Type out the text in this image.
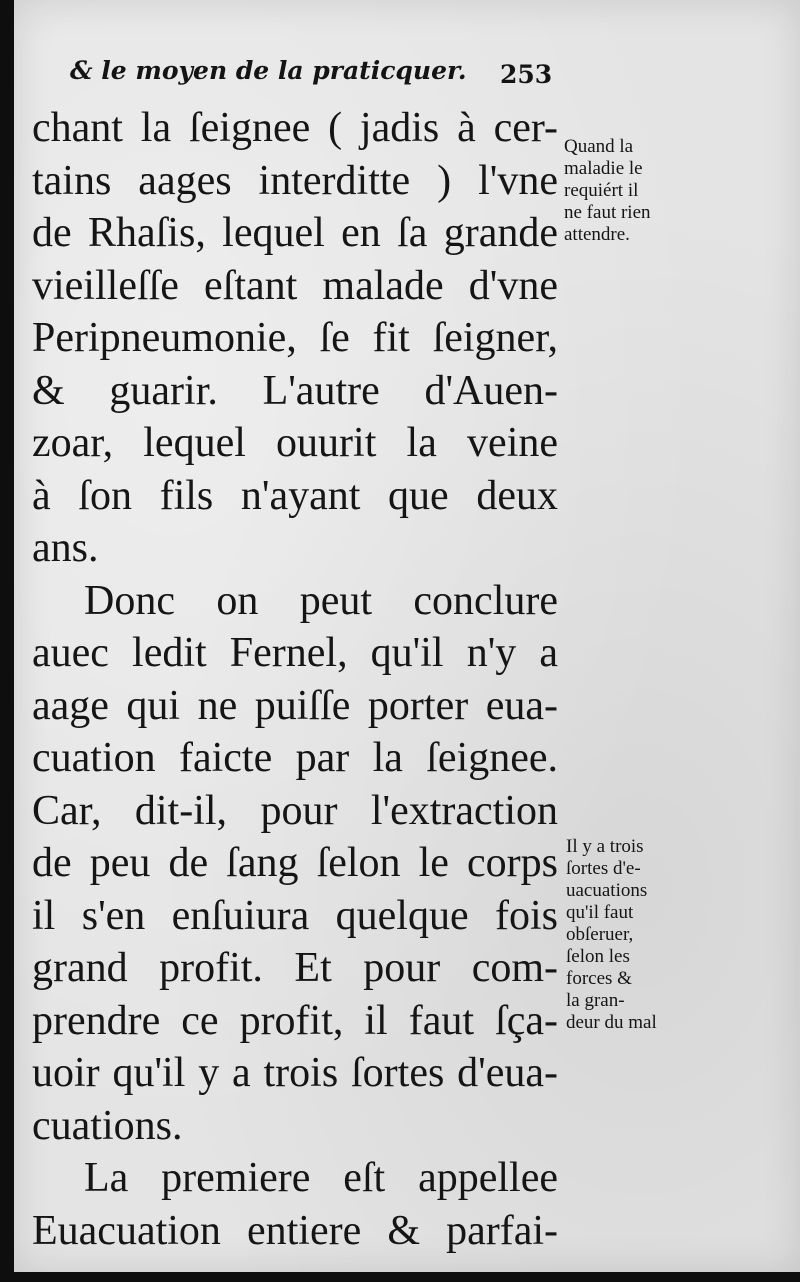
& le moyen de la praticquer.	253
chant la ſeignee ( jadis à cer-
tains aages interditte ) l'vne
de Rhaſis, lequel en ſa grande
vieilleſſe eſtant malade d'vne
Peripneumonie, ſe fit ſeigner,
& guarir. L'autre d'Auen-
zoar, lequel ouurit la veine
à ſon fils n'ayant que deux
ans.
Donc on peut conclure
auec ledit Fernel, qu'il n'y a
aage qui ne puiſſe porter eua-
cuation faicte par la ſeignee.
Car, dit-il, pour l'extraction
de peu de ſang ſelon le corps
il s'en enſuiura quelque fois
grand profit. Et pour com-
prendre ce profit, il faut ſça-
uoir qu'il y a trois ſortes d'eua-
cuations.
La premiere eſt appellee
Euacuation entiere & parfai-
Quand la
maladie le
requiért il
ne faut rien
attendre.
Il y a trois
ſortes d'e-
uacuations
qu'il faut
obſeruer,
ſelon les
forces &
la gran-
deur du mal
